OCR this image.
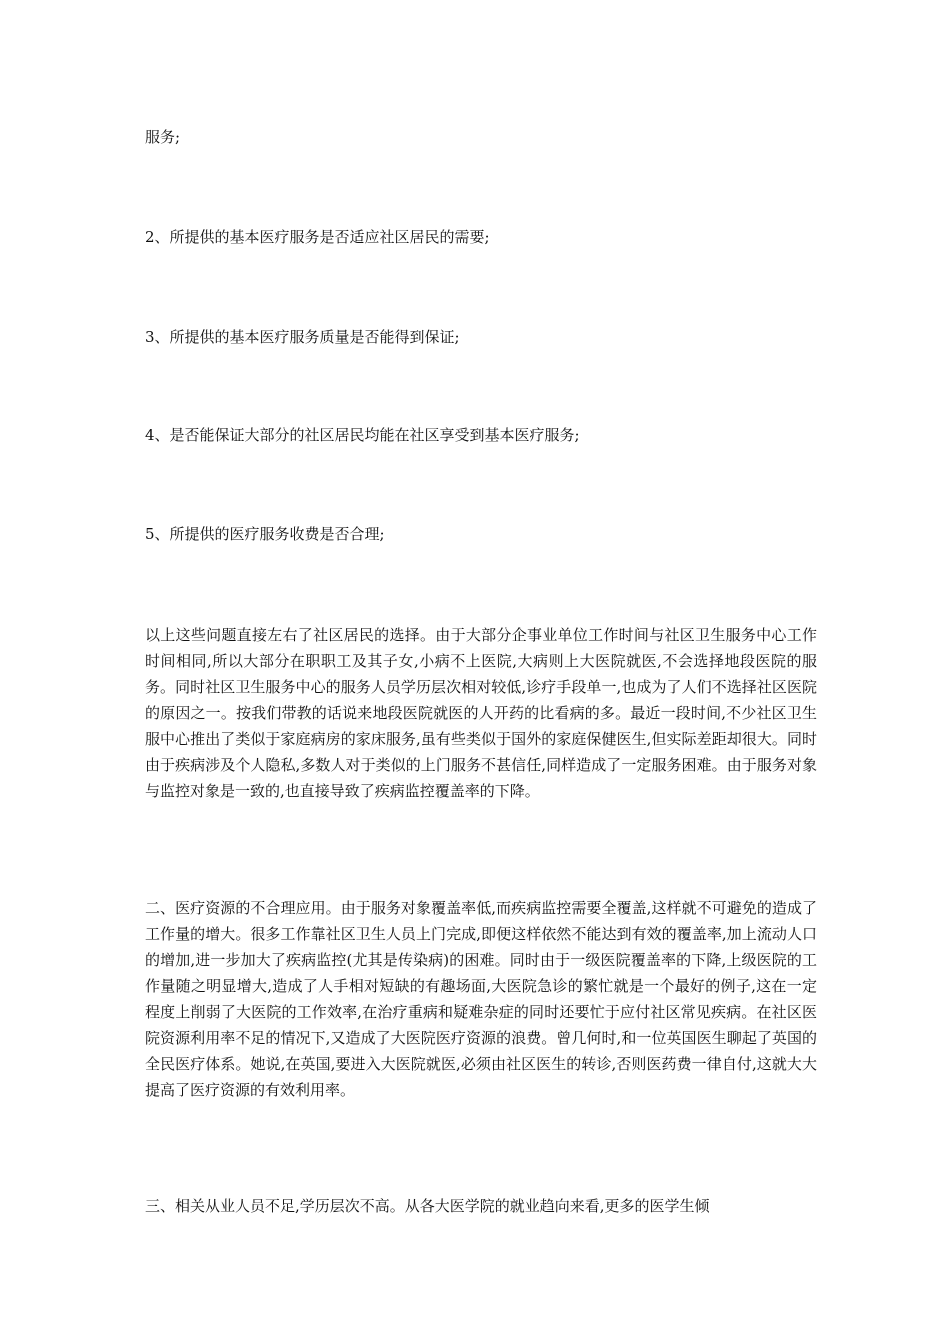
服务;
2、所提供的基本医疗服务是否适应社区居民的需要;
3、所提供的基本医疗服务质量是否能得到保证;
4、是否能保证大部分的社区居民均能在社区享受到基本医疗服务;
5、所提供的医疗服务收费是否合理;
以上这些问题直接左右了社区居民的选择。由于大部分企事业单位工作时间与社区卫生服务中心工作时间相同,所以大部分在职职工及其子女,小病不上医院,大病则上大医院就医,不会选择地段医院的服务。同时社区卫生服务中心的服务人员学历层次相对较低,诊疗手段单一,也成为了人们不选择社区医院的原因之一。按我们带教的话说来地段医院就医的人开药的比看病的多。最近一段时间,不少社区卫生服中心推出了类似于家庭病房的家床服务,虽有些类似于国外的家庭保健医生,但实际差距却很大。同时由于疾病涉及个人隐私,多数人对于类似的上门服务不甚信任,同样造成了一定服务困难。由于服务对象与监控对象是一致的,也直接导致了疾病监控覆盖率的下降。
二、医疗资源的不合理应用。由于服务对象覆盖率低,而疾病监控需要全覆盖,这样就不可避免的造成了工作量的增大。很多工作靠社区卫生人员上门完成,即便这样依然不能达到有效的覆盖率,加上流动人口的增加,进一步加大了疾病监控(尤其是传染病)的困难。同时由于一级医院覆盖率的下降,上级医院的工作量随之明显增大,造成了人手相对短缺的有趣场面,大医院急诊的繁忙就是一个最好的例子,这在一定程度上削弱了大医院的工作效率,在治疗重病和疑难杂症的同时还要忙于应付社区常见疾病。在社区医院资源利用率不足的情况下,又造成了大医院医疗资源的浪费。曾几何时,和一位英国医生聊起了英国的全民医疗体系。她说,在英国,要进入大医院就医,必须由社区医生的转诊,否则医药费一律自付,这就大大提高了医疗资源的有效利用率。
三、相关从业人员不足,学历层次不高。从各大医学院的就业趋向来看,更多的医学生倾
